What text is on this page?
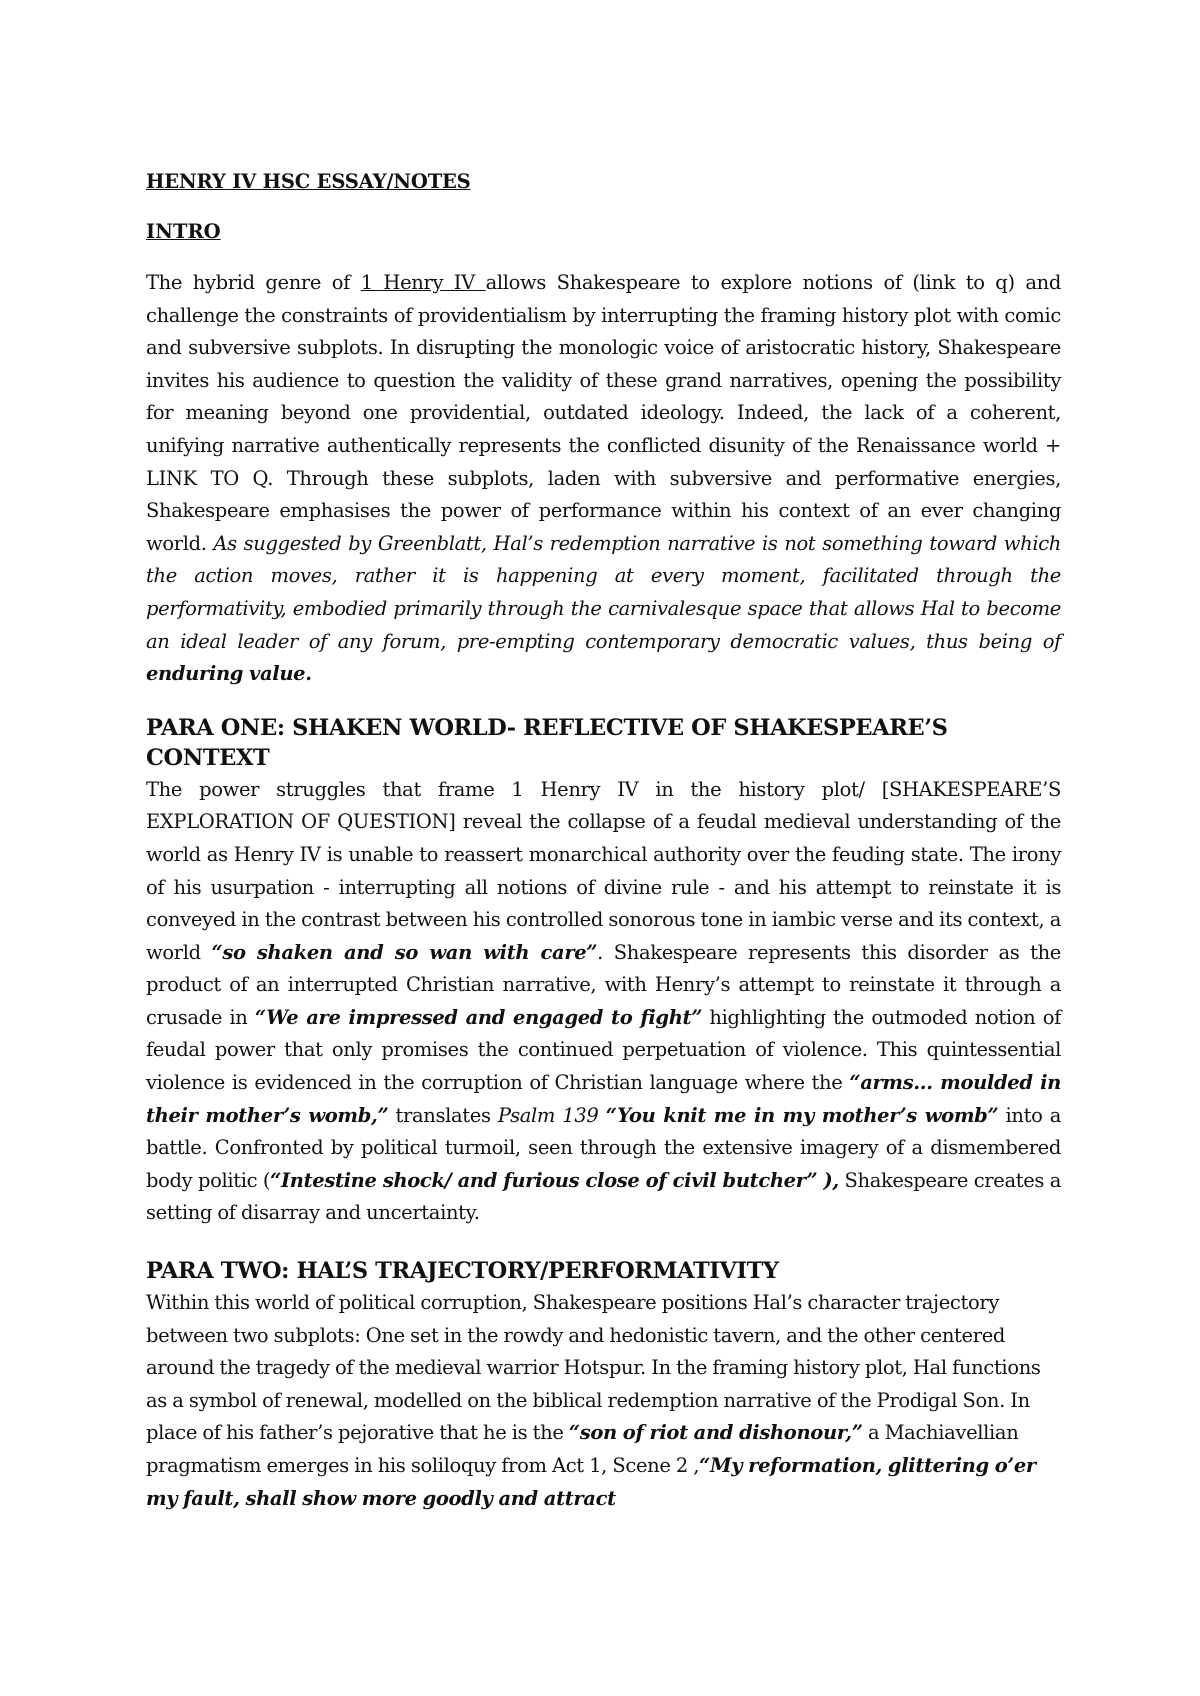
HENRY IV HSC ESSAY/NOTES
INTRO

The hybrid genre of 1 Henry IV allows Shakespeare to explore notions of (link to q) and challenge the constraints of providentialism by interrupting the framing history plot with comic and subversive subplots. In disrupting the monologic voice of aristocratic history, Shakespeare invites his audience to question the validity of these grand narratives, opening the possibility for meaning beyond one providential, outdated ideology. Indeed, the lack of a coherent, unifying narrative authentically represents the conflicted disunity of the Renaissance world + LINK TO Q. Through these subplots, laden with subversive and performative energies, Shakespeare emphasises the power of performance within his context of an ever changing world. As suggested by Greenblatt, Hal’s redemption narrative is not something toward which the action moves, rather it is happening at every moment, facilitated through the performativity, embodied primarily through the carnivalesque space that allows Hal to become an ideal leader of any forum, pre-empting contemporary democratic values, thus being of enduring value.

PARA ONE: SHAKEN WORLD- REFLECTIVE OF SHAKESPEARE’S CONTEXT

The power struggles that frame 1 Henry IV in the history plot/ [SHAKESPEARE’S EXPLORATION OF QUESTION] reveal the collapse of a feudal medieval understanding of the world as Henry IV is unable to reassert monarchical authority over the feuding state. The irony of his usurpation - interrupting all notions of divine rule - and his attempt to reinstate it is conveyed in the contrast between his controlled sonorous tone in iambic verse and its context, a world “so shaken and so wan with care”. Shakespeare represents this disorder as the product of an interrupted Christian narrative, with Henry’s attempt to reinstate it through a crusade in “We are impressed and engaged to fight” highlighting the outmoded notion of feudal power that only promises the continued perpetuation of violence. This quintessential violence is evidenced in the corruption of Christian language where the “arms... moulded in their mother’s womb,” translates Psalm 139 “You knit me in my mother’s womb” into a battle. Confronted by political turmoil, seen through the extensive imagery of a dismembered body politic (“Intestine shock/ and furious close of civil butcher” ), Shakespeare creates a setting of disarray and uncertainty.

PARA TWO: HAL’S TRAJECTORY/PERFORMATIVITY

Within this world of political corruption, Shakespeare positions Hal’s character trajectory between two subplots: One set in the rowdy and hedonistic tavern, and the other centered around the tragedy of the medieval warrior Hotspur. In the framing history plot, Hal functions as a symbol of renewal, modelled on the biblical redemption narrative of the Prodigal Son. In place of his father’s pejorative that he is the “son of riot and dishonour,” a Machiavellian pragmatism emerges in his soliloquy from Act 1, Scene 2 ,“My reformation, glittering o’er my fault, shall show more goodly and attract
